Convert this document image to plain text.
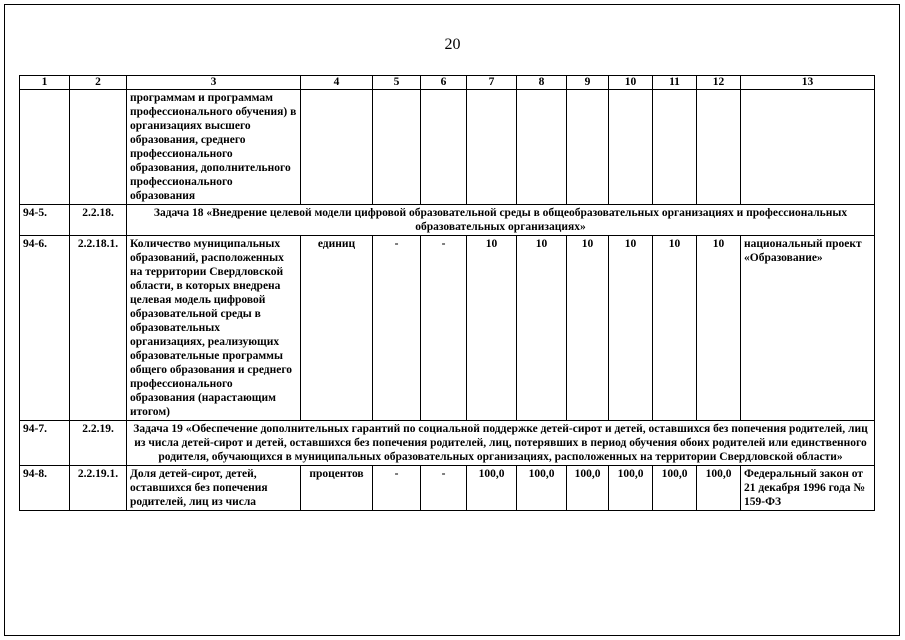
20
1	2	3	4	5	6	7	8	9	10	11	12	13
		программам и программам профессионального обучения) в организациях высшего образования, среднего профессионального образования, дополнительного профессионального образования										
94-5.	2.2.18.	Задача 18 «Внедрение целевой модели цифровой образовательной среды в общеобразовательных организациях и профессиональных образовательных организациях»										
94-6.	2.2.18.1.	Количество муниципальных образований, расположенных на территории Свердловской области, в которых внедрена целевая модель цифровой образовательной среды в образовательных организациях, реализующих образовательные программы общего образования и среднего профессионального образования (нарастающим итогом)	единиц	-	-	10	10	10	10	10	10	национальный проект «Образование»
94-7.	2.2.19.	Задача 19 «Обеспечение дополнительных гарантий по социальной поддержке детей-сирот и детей, оставшихся без попечения родителей, лиц из числа детей-сирот и детей, оставшихся без попечения родителей, лиц, потерявших в период обучения обоих родителей или единственного родителя, обучающихся в муниципальных образовательных организациях, расположенных на территории Свердловской области»										
94-8.	2.2.19.1.	Доля детей-сирот, детей, оставшихся без попечения родителей, лиц из числа	процентов	-	-	100,0	100,0	100,0	100,0	100,0	100,0	Федеральный закон от 21 декабря 1996 года № 159-ФЗ
